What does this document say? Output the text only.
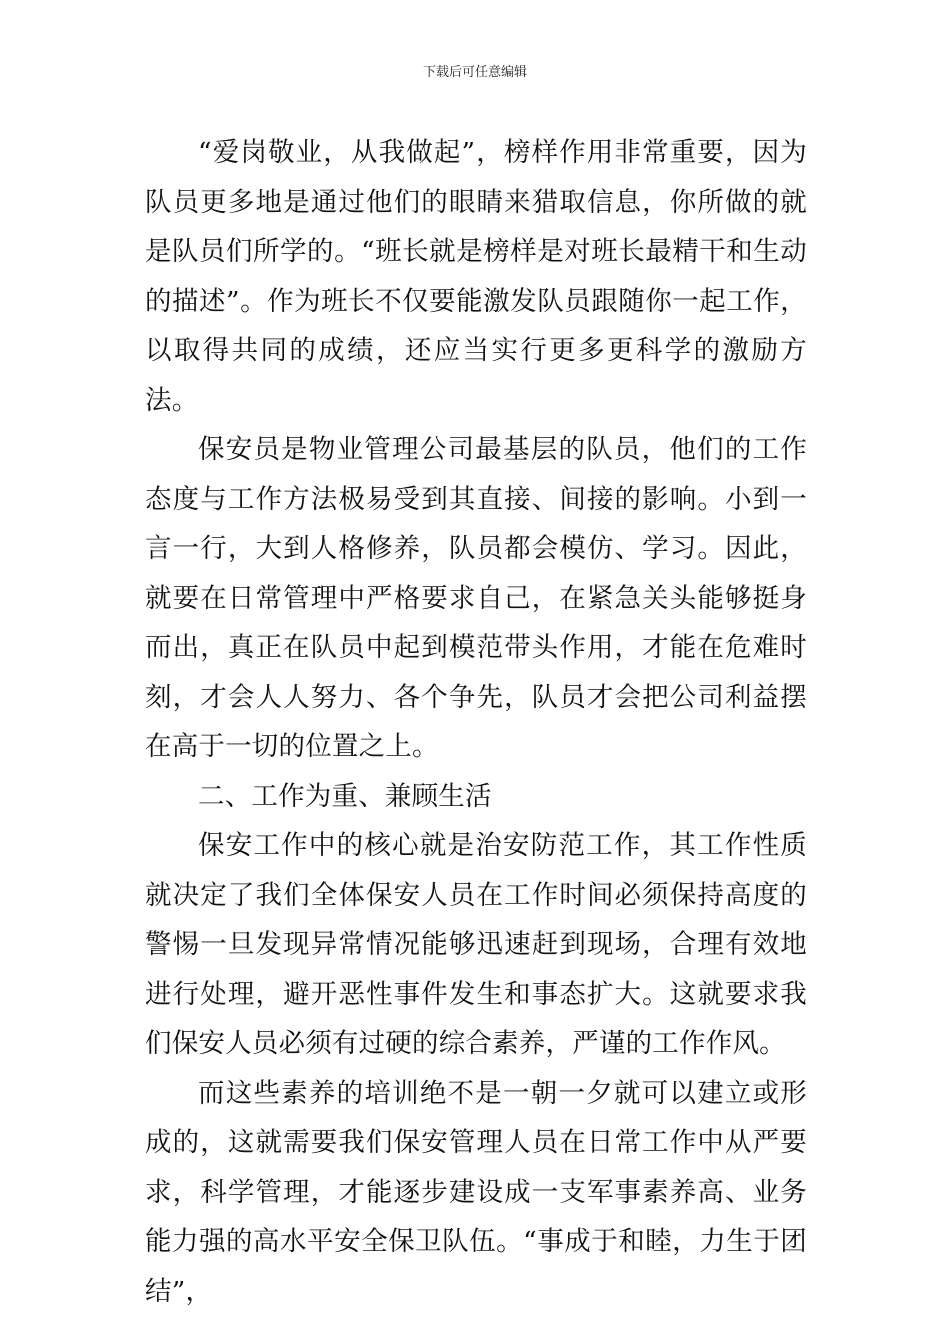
下载后可任意编辑

“爱岗敬业，从我做起”，榜样作用非常重要，因为队员更多地是通过他们的眼睛来猎取信息，你所做的就是队员们所学的。“班长就是榜样是对班长最精干和生动的描述”。作为班长不仅要能激发队员跟随你一起工作，以取得共同的成绩，还应当实行更多更科学的激励方法。

保安员是物业管理公司最基层的队员，他们的工作态度与工作方法极易受到其直接、间接的影响。小到一言一行，大到人格修养，队员都会模仿、学习。因此，就要在日常管理中严格要求自己，在紧急关头能够挺身而出，真正在队员中起到模范带头作用，才能在危难时刻，才会人人努力、各个争先，队员才会把公司利益摆在高于一切的位置之上。

二、工作为重、兼顾生活

保安工作中的核心就是治安防范工作，其工作性质就决定了我们全体保安人员在工作时间必须保持高度的警惕一旦发现异常情况能够迅速赶到现场，合理有效地进行处理，避开恶性事件发生和事态扩大。这就要求我们保安人员必须有过硬的综合素养，严谨的工作作风。

而这些素养的培训绝不是一朝一夕就可以建立或形成的，这就需要我们保安管理人员在日常工作中从严要求，科学管理，才能逐步建设成一支军事素养高、业务能力强的高水平安全保卫队伍。“事成于和睦，力生于团结”，
